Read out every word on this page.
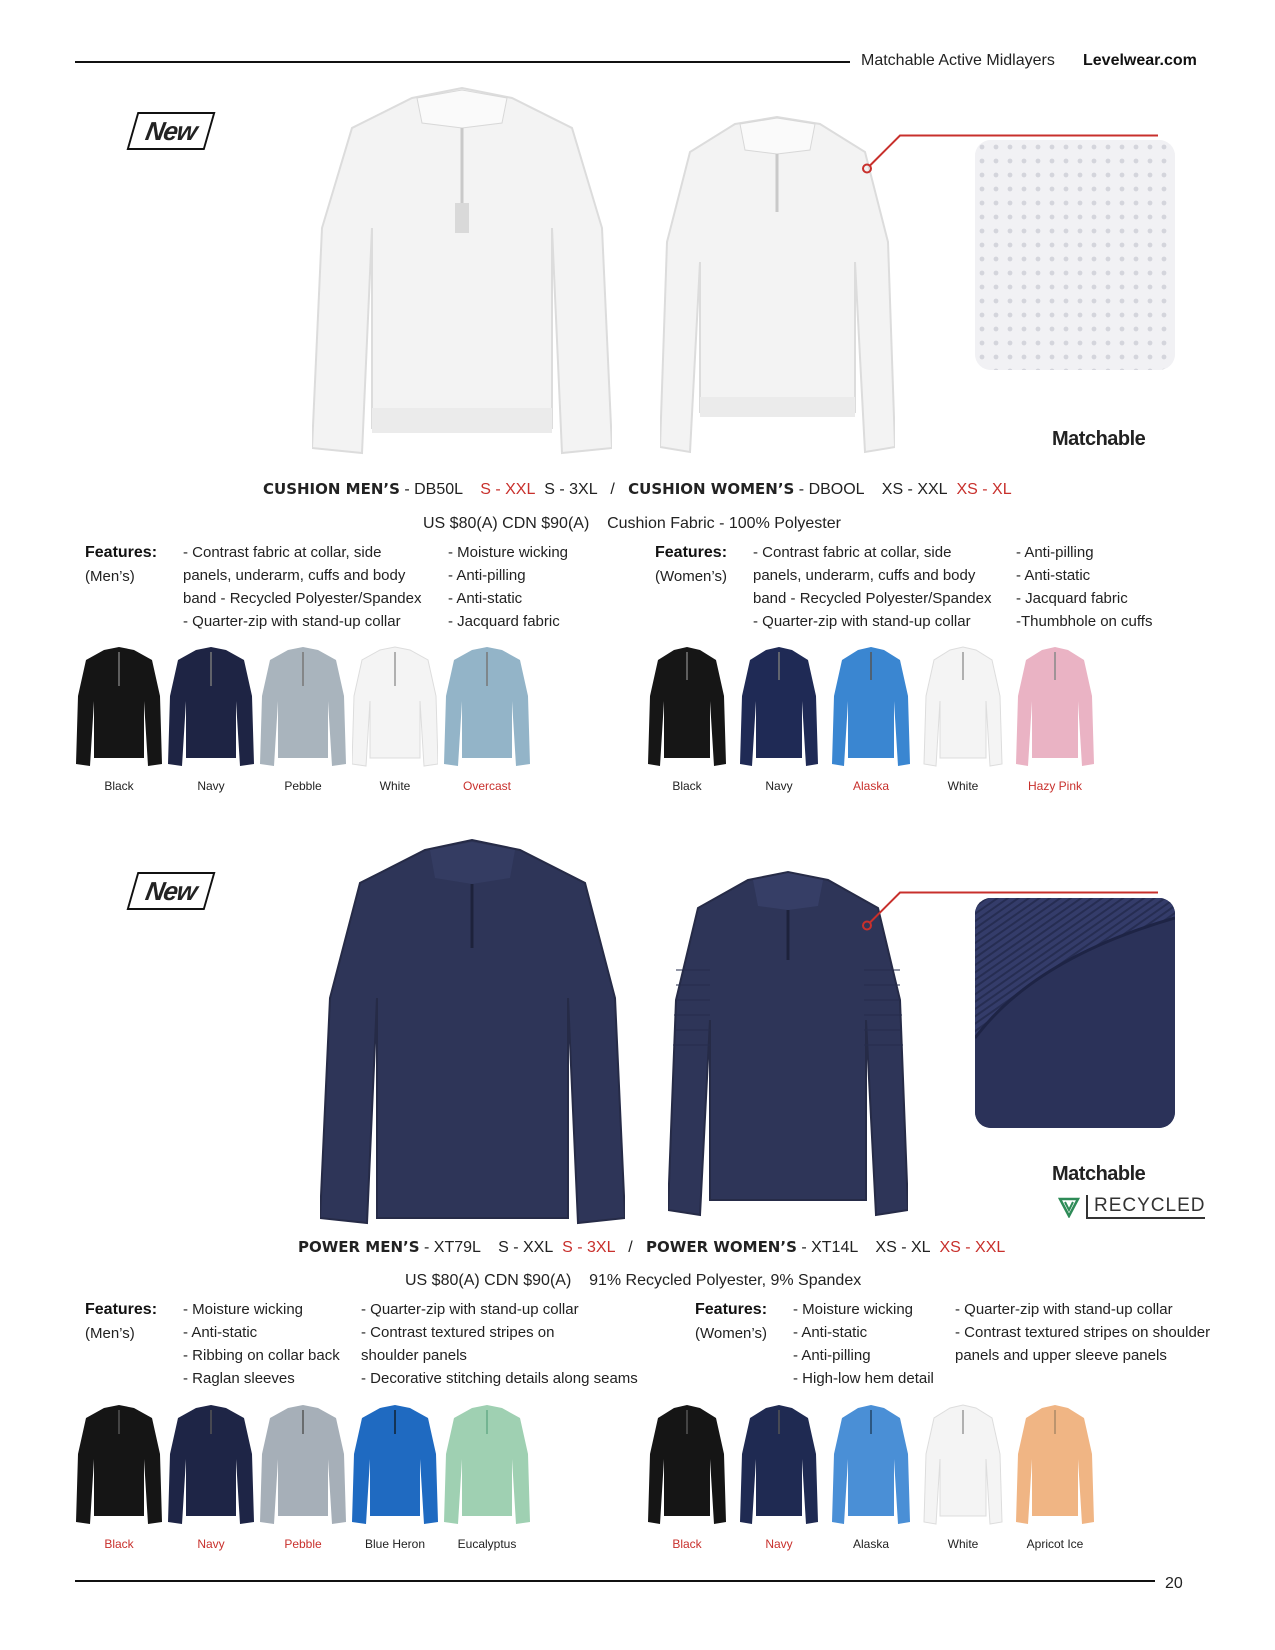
Matchable Active Midlayers Levelwear.com
New
Matchable
CUSHION MEN’S - DB50L S - XXL S - 3XL / CUSHION WOMEN’S - DBOOL XS - XXL XS - XL
US $80(A) CDN $90(A) Cushion Fabric - 100% Polyester
Features:
(Men’s)
- Contrast fabric at collar, side
panels, underarm, cuffs and body
band - Recycled Polyester/Spandex
- Quarter-zip with stand-up collar
- Moisture wicking
- Anti-pilling
- Anti-static
- Jacquard fabric
Features:
(Women’s)
- Contrast fabric at collar, side
panels, underarm, cuffs and body
band - Recycled Polyester/Spandex
- Quarter-zip with stand-up collar
- Anti-pilling
- Anti-static
- Jacquard fabric
-Thumbhole on cuffs
Black	Navy	Pebble	White	Overcast	Black	Navy	Alaska	White	Hazy Pink
New
Matchable
RECYCLED
POWER MEN’S - XT79L S - XXL S - 3XL / POWER WOMEN’S - XT14L XS - XL XS - XXL
US $80(A) CDN $90(A) 91% Recycled Polyester, 9% Spandex
Features:
(Men’s)
- Moisture wicking
- Anti-static
- Ribbing on collar back
- Raglan sleeves
- Quarter-zip with stand-up collar
- Contrast textured stripes on
shoulder panels
- Decorative stitching details along seams
Features:
(Women’s)
- Moisture wicking
- Anti-static
- Anti-pilling
- High-low hem detail
- Quarter-zip with stand-up collar
- Contrast textured stripes on shoulder
panels and upper sleeve panels
Black	Navy	Pebble	Blue Heron	Eucalyptus	Black	Navy	Alaska	White	Apricot Ice
20
